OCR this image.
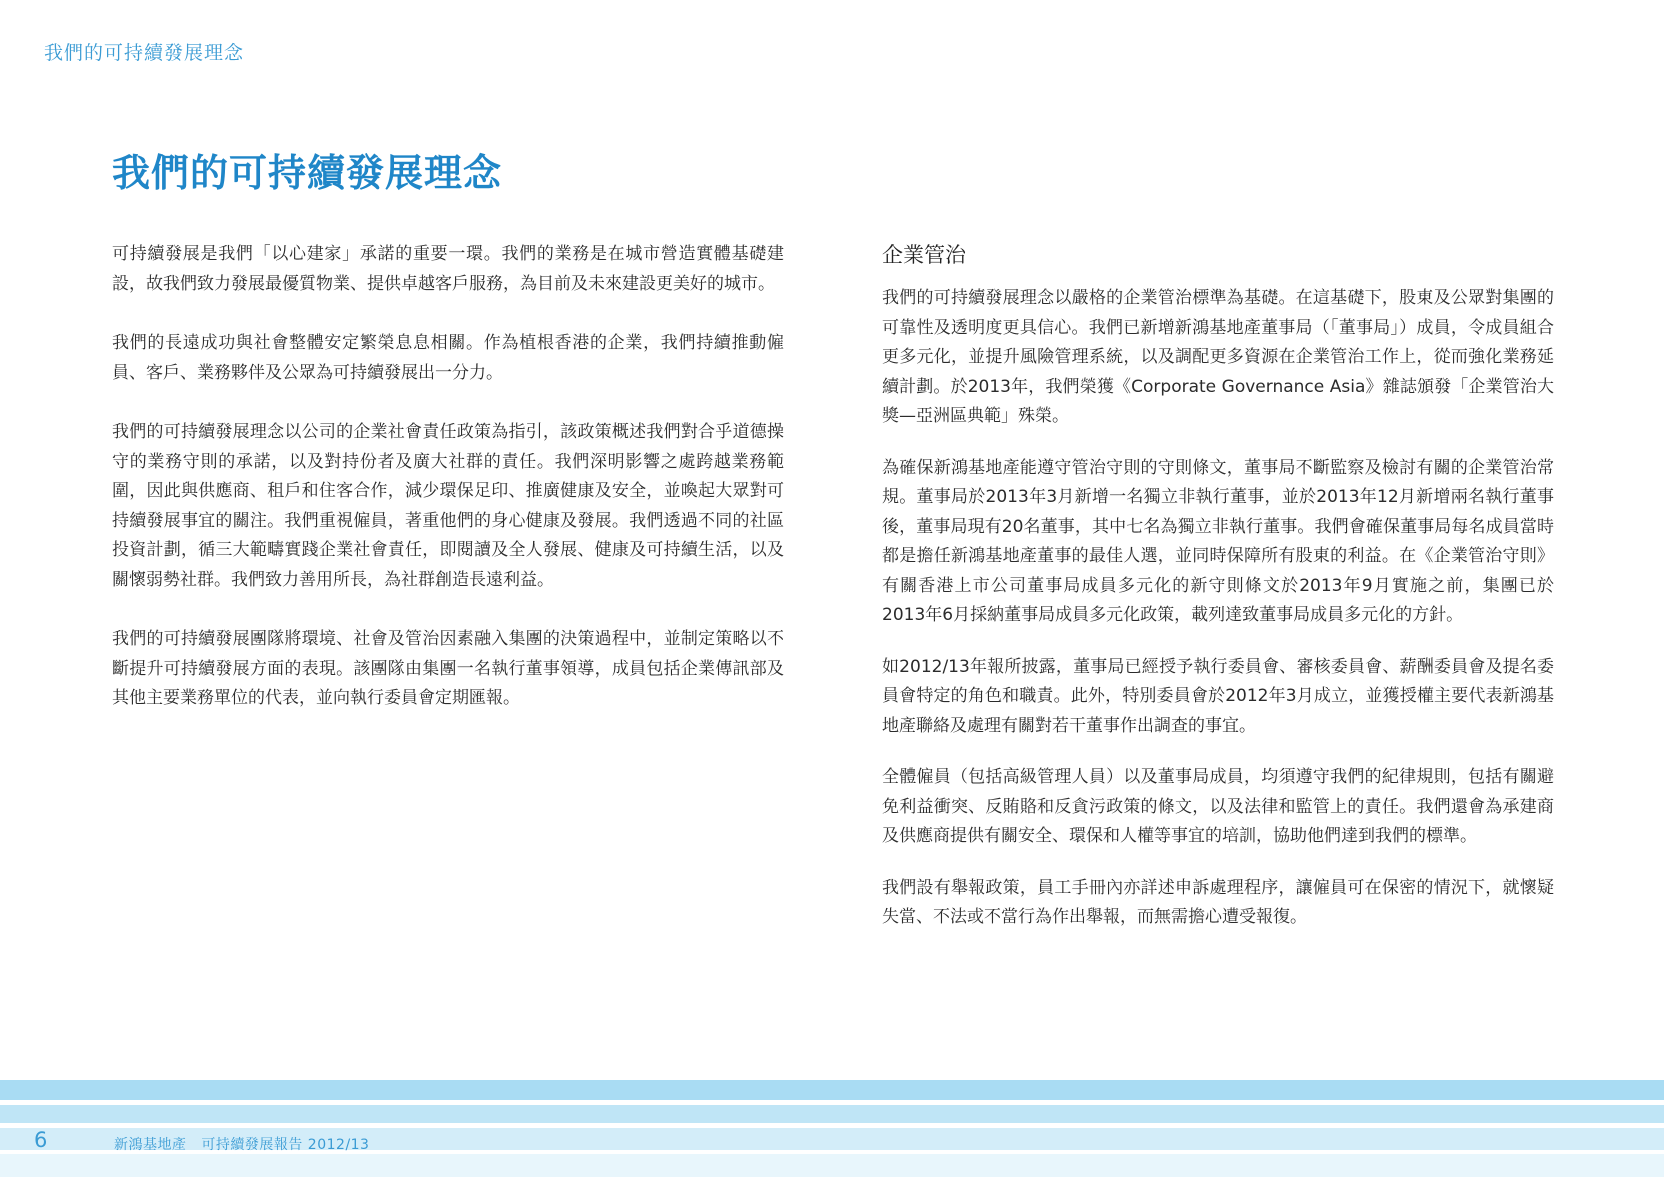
我們的可持續發展理念
我們的可持續發展理念

可持續發展是我們「以心建家」承諾的重要一環。我們的業務是在城市營造實體基礎建設，故我們致力發展最優質物業、提供卓越客戶服務，為目前及未來建設更美好的城市。

我們的長遠成功與社會整體安定繁榮息息相關。作為植根香港的企業，我們持續推動僱員、客戶、業務夥伴及公眾為可持續發展出一分力。

我們的可持續發展理念以公司的企業社會責任政策為指引，該政策概述我們對合乎道德操守的業務守則的承諾，以及對持份者及廣大社群的責任。我們深明影響之處跨越業務範圍，因此與供應商、租戶和住客合作，減少環保足印、推廣健康及安全，並喚起大眾對可持續發展事宜的關注。我們重視僱員，著重他們的身心健康及發展。我們透過不同的社區投資計劃，循三大範疇實踐企業社會責任，即閱讀及全人發展、健康及可持續生活，以及關懷弱勢社群。我們致力善用所長，為社群創造長遠利益。

我們的可持續發展團隊將環境、社會及管治因素融入集團的決策過程中，並制定策略以不斷提升可持續發展方面的表現。該團隊由集團一名執行董事領導，成員包括企業傳訊部及其他主要業務單位的代表，並向執行委員會定期匯報。

企業管治

我們的可持續發展理念以嚴格的企業管治標準為基礎。在這基礎下，股東及公眾對集團的可靠性及透明度更具信心。我們已新增新鴻基地產董事局（「董事局」）成員，令成員組合更多元化，並提升風險管理系統，以及調配更多資源在企業管治工作上，從而強化業務延續計劃。於2013年，我們榮獲《Corporate Governance Asia》雜誌頒發「企業管治大獎—亞洲區典範」殊榮。

為確保新鴻基地產能遵守管治守則的守則條文，董事局不斷監察及檢討有關的企業管治常規。董事局於2013年3月新增一名獨立非執行董事，並於2013年12月新增兩名執行董事後，董事局現有20名董事，其中七名為獨立非執行董事。我們會確保董事局每名成員當時都是擔任新鴻基地產董事的最佳人選，並同時保障所有股東的利益。在《企業管治守則》有關香港上市公司董事局成員多元化的新守則條文於2013年9月實施之前，集團已於2013年6月採納董事局成員多元化政策，載列達致董事局成員多元化的方針。

如2012/13年報所披露，董事局已經授予執行委員會、審核委員會、薪酬委員會及提名委員會特定的角色和職責。此外，特別委員會於2012年3月成立，並獲授權主要代表新鴻基地產聯絡及處理有關對若干董事作出調查的事宜。

全體僱員（包括高級管理人員）以及董事局成員，均須遵守我們的紀律規則，包括有關避免利益衝突、反賄賂和反貪污政策的條文，以及法律和監管上的責任。我們還會為承建商及供應商提供有關安全、環保和人權等事宜的培訓，協助他們達到我們的標準。

我們設有舉報政策，員工手冊內亦詳述申訴處理程序，讓僱員可在保密的情況下，就懷疑失當、不法或不當行為作出舉報，而無需擔心遭受報復。

6	新鴻基地產 可持續發展報告 2012/13
